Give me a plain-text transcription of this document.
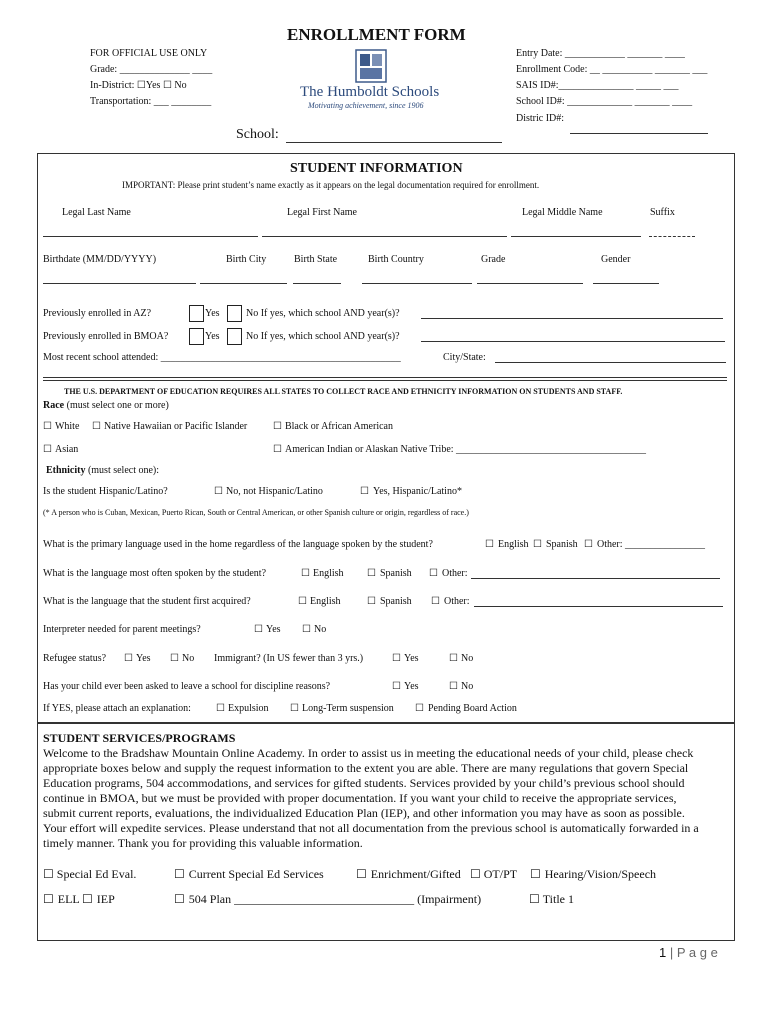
ENROLLMENT FORM
FOR OFFICIAL USE ONLY
Grade: ______________ ____
In-District: ☐Yes ☐ No
Transportation: ___ ________
The Humboldt Schools
Motivating achievement, since 1906
Entry Date: ____________ _______ ____
Enrollment Code: __ __________ _______ ___
SAIS ID#:_______________ _____ ___
School ID#: _____________ _______ ____
Distric ID#:
School:
STUDENT INFORMATION
IMPORTANT: Please print student’s name exactly as it appears on the legal documentation required for enrollment.
Legal Last Name	Legal First Name	Legal Middle Name	Suffix
Birthdate (MM/DD/YYYY)	Birth City	Birth State	Birth Country	Grade	Gender
Previously enrolled in AZ?	Yes	No If yes, which school AND year(s)?
Previously enrolled in BMOA?	Yes	No If yes, which school AND year(s)?
Most recent school attended: ________________________________________________	City/State:
THE U.S. DEPARTMENT OF EDUCATION REQUIRES ALL STATES TO COLLECT RACE AND ETHNICITY INFORMATION ON STUDENTS AND STAFF.
Race (must select one or more)
☐ White ☐	Native Hawaiian or Pacific Islander ☐	Black or African American
☐ Asian ☐	American Indian or Alaskan Native Tribe: ______________________________________
Ethnicity (must select one):
Is the student Hispanic/Latino? ☐	No, not Hispanic/Latino ☐	Yes, Hispanic/Latino*
(* A person who is Cuban, Mexican, Puerto Rican, South or Central American, or other Spanish culture or origin, regardless of race.)
What is the primary language used in the home regardless of the language spoken by the student? ☐	English ☐	Spanish ☐	Other: ________________
What is the language most often spoken by the student? ☐	English ☐	Spanish ☐	Other:
What is the language that the student first acquired? ☐	English ☐	Spanish ☐	Other:
Interpreter needed for parent meetings? ☐	Yes ☐	No
Refugee status? ☐	Yes ☐	No Immigrant? (In US fewer than 3 yrs.) ☐	Yes ☐	No
Has your child ever been asked to leave a school for discipline reasons? ☐	Yes ☐	No
If YES, please attach an explanation: ☐	Expulsion ☐	Long-Term suspension ☐	Pending Board Action
STUDENT SERVICES/PROGRAMS
Welcome to the Bradshaw Mountain Online Academy. In order to assist us in meeting the educational needs of your child, please check
appropriate boxes below and supply the request information to the extent you are able. There are many regulations that govern Special
Education programs, 504 accommodations, and services for gifted students. Services provided by your child’s previous school should
continue in BMOA, but we must be provided with proper documentation. If you want your child to receive the appropriate services,
submit current reports, evaluations, the individualized Education Plan (IEP), and other information you may have as soon as possible.
Your effort will expedite services. Please understand that not all documentation from the previous school is automatically forwarded in a
timely manner. Thank you for providing this valuable information.
☐ Special Ed Eval. ☐	Current Special Ed Services ☐	Enrichment/Gifted ☐	OT/PT ☐	Hearing/Vision/Speech
☐ ELL ☐	IEP ☐	504 Plan ______________________________ (Impairment) ☐	Title 1
1 | P a g e
